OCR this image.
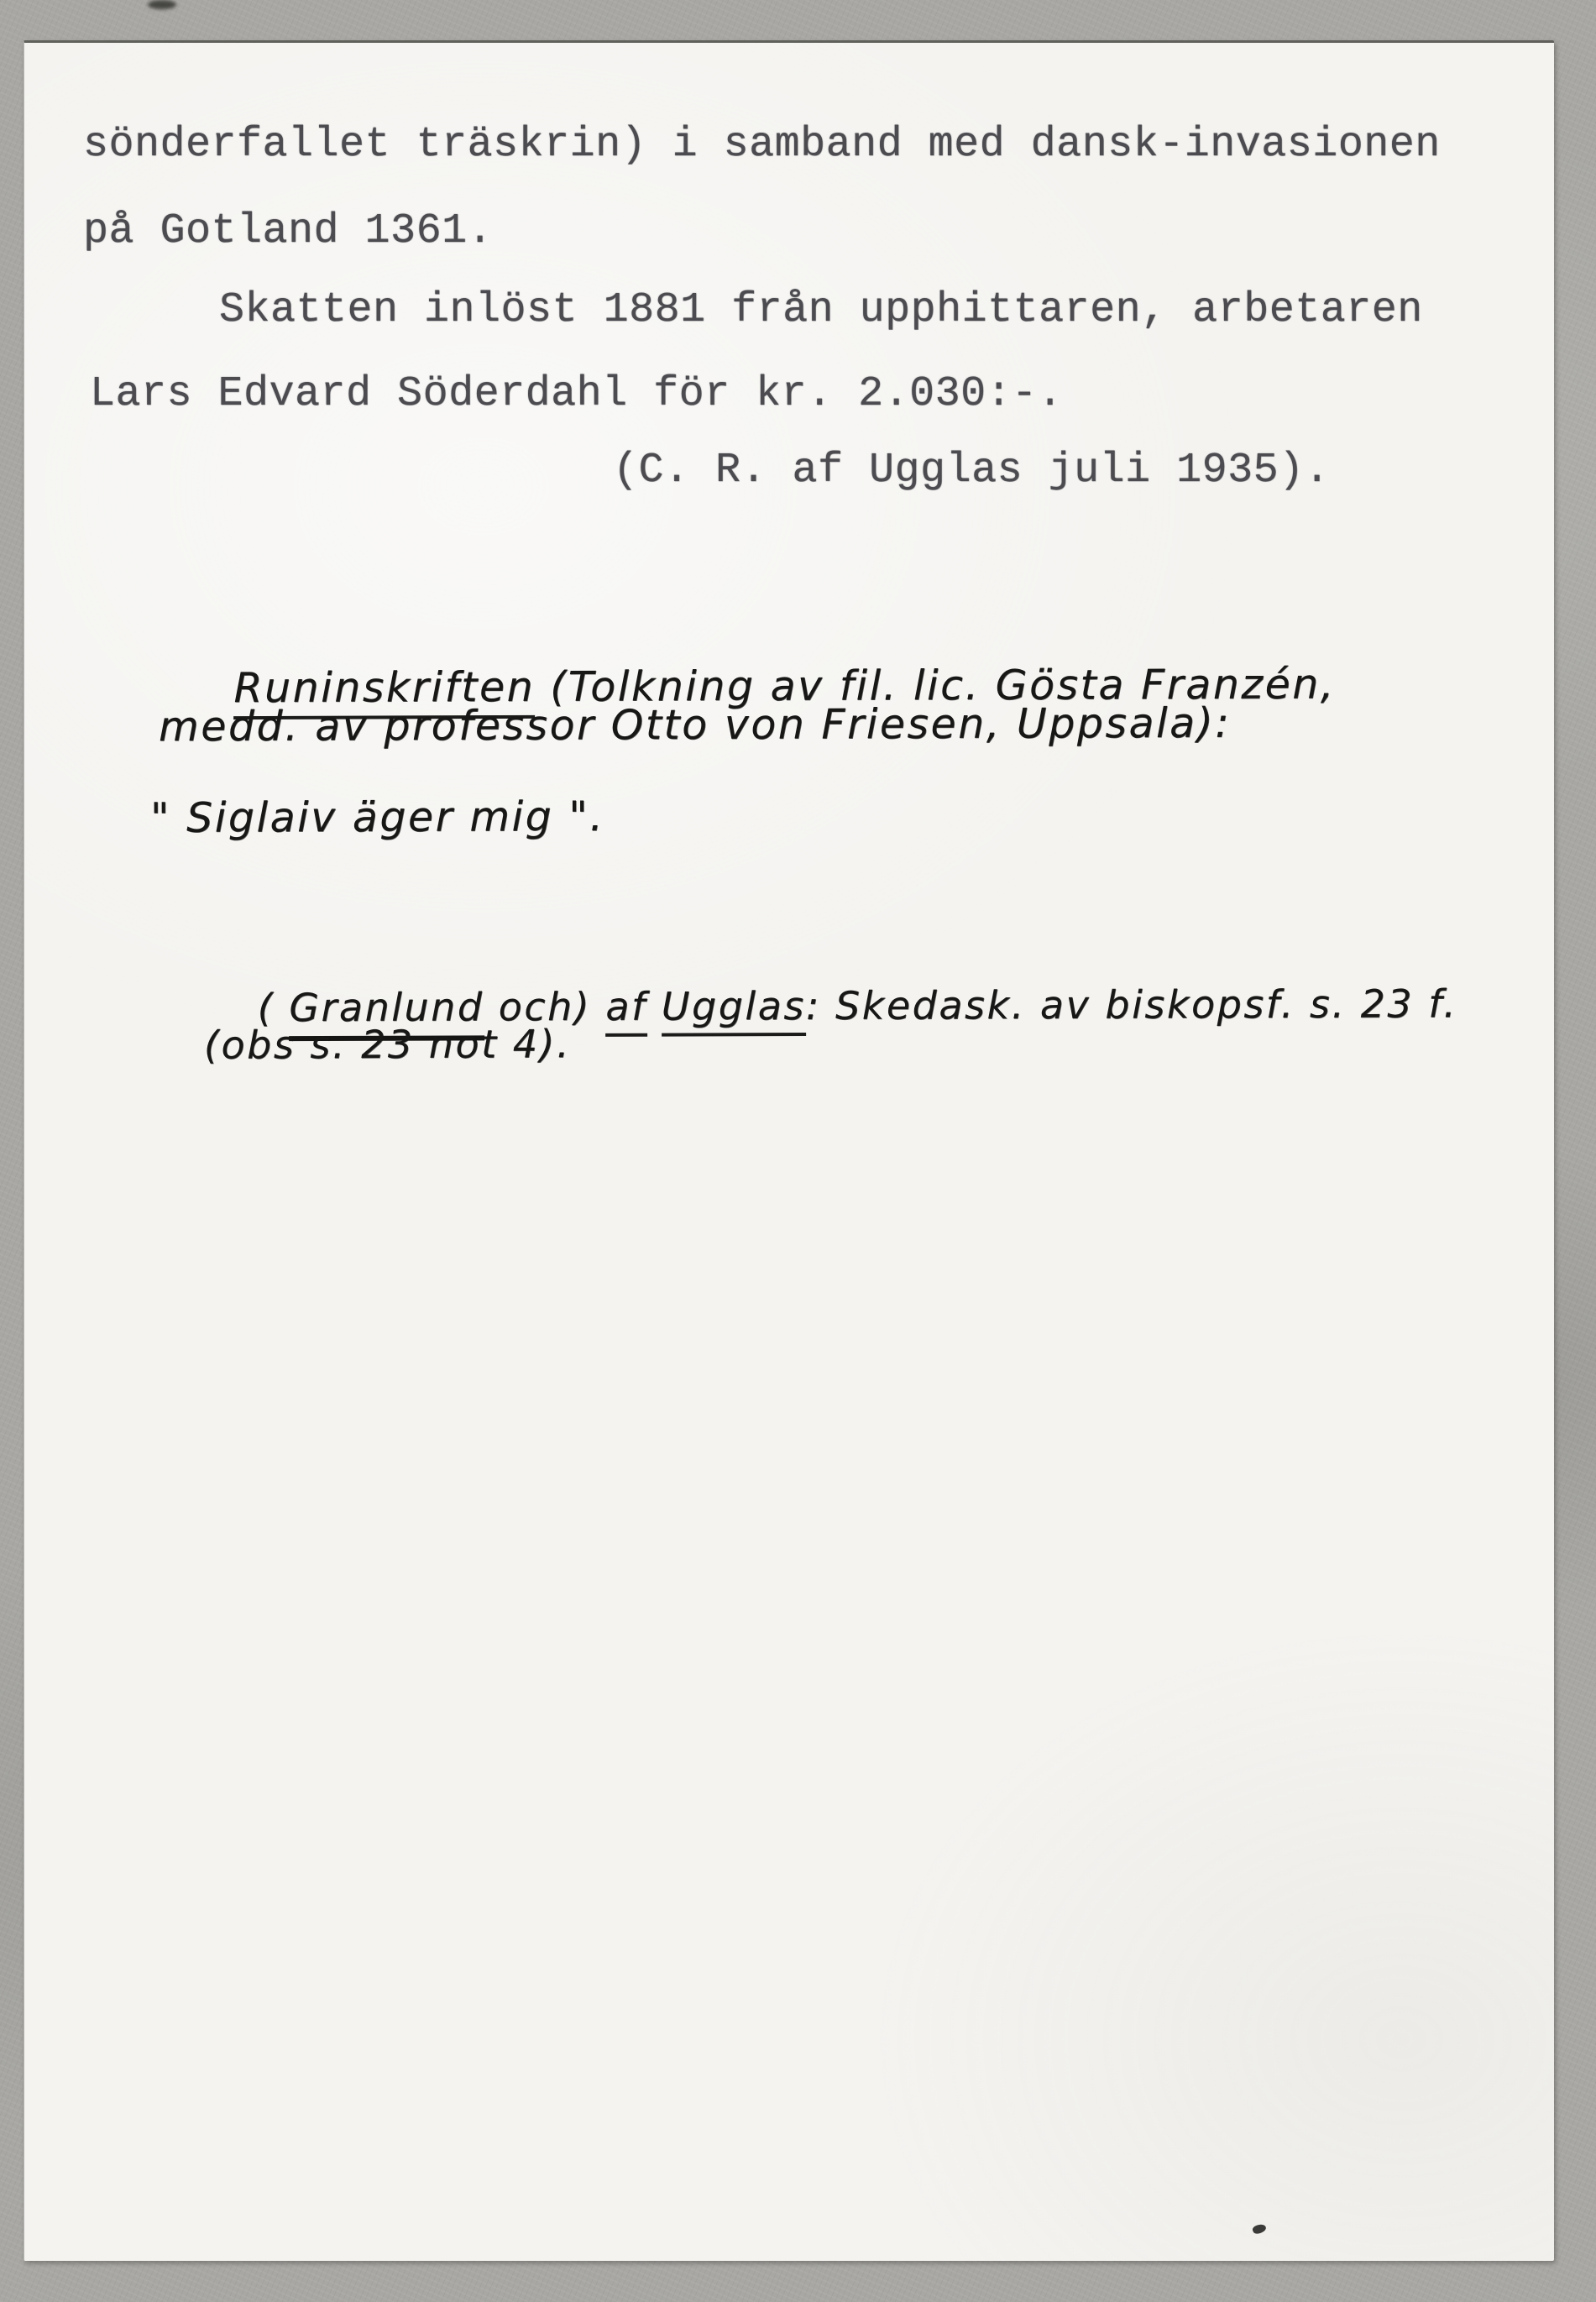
sönderfallet träskrin) i samband med dansk-invasionen
på Gotland 1361.
Skatten inlöst 1881 från upphittaren, arbetaren
Lars Edvard Söderdahl för kr. 2.030:-.
(C. R. af Ugglas juli 1935).

Runinskriften (Tolkning av fil. lic. Gösta Franzén,

medd. av professor Otto von Friesen, Uppsala):
" Siglaiv äger mig ".

( Granlund och) af Ugglas: Skedask. av biskopsf. s. 23 f.

(obs s. 23 not 4).
